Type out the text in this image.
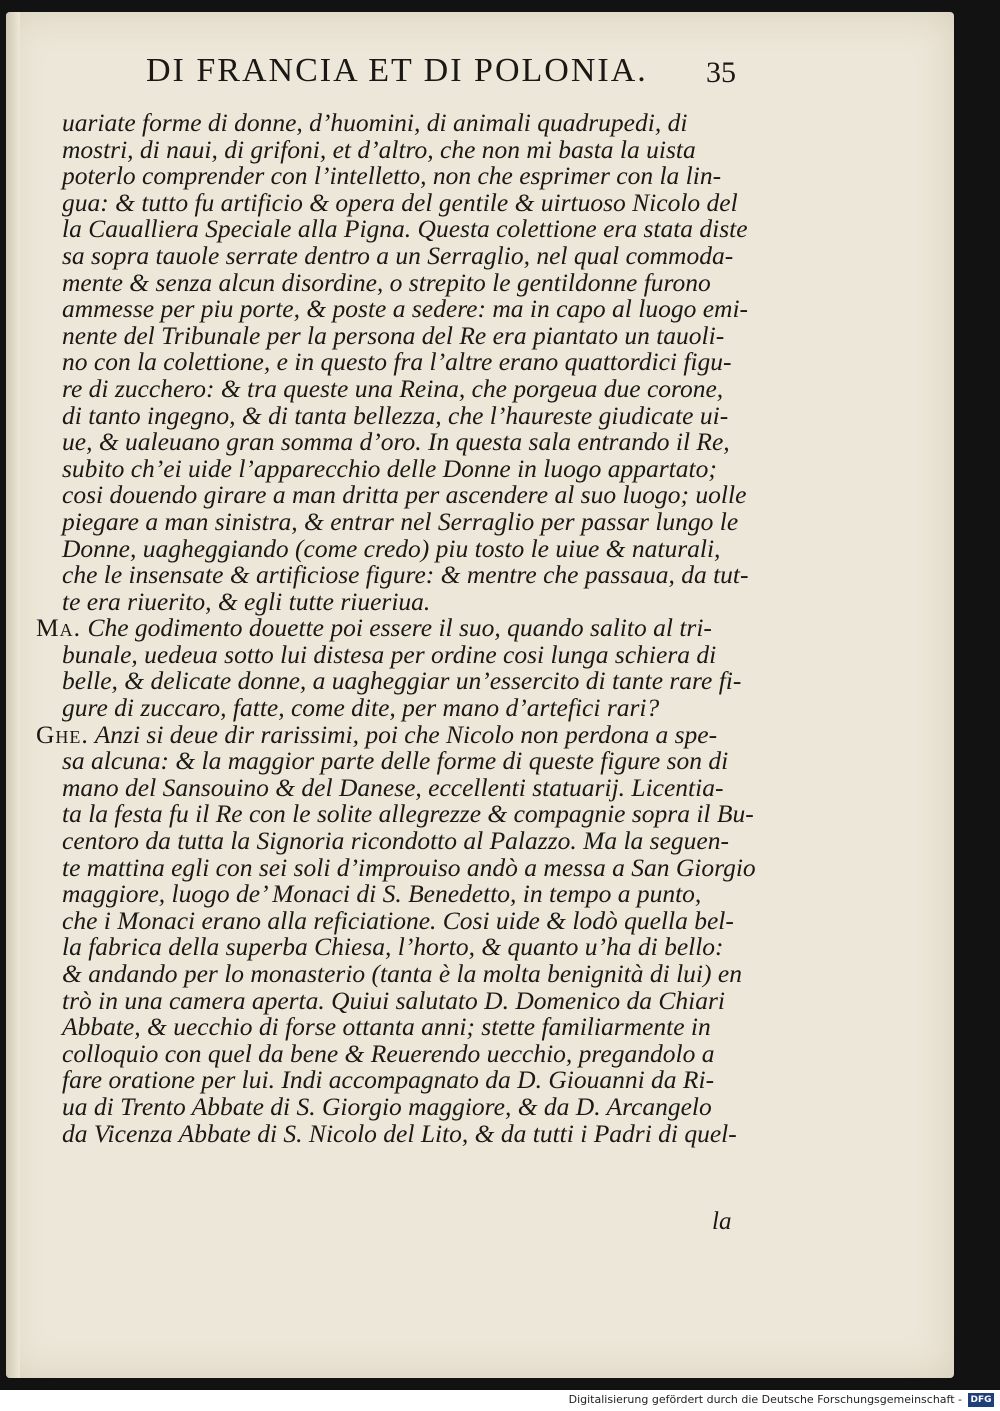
DI FRANCIA ET DI POLONIA. 35
uariate forme di donne, d’huomini, di animali quadrupedi, di
mostri, di naui, di grifoni, et d’altro, che non mi basta la uista
poterlo comprender con l’intelletto, non che esprimer con la lin-
gua: & tutto fu artificio & opera del gentile & uirtuoso Nicolo del
la Caualliera Speciale alla Pigna. Questa colettione era stata diste
sa sopra tauole serrate dentro a un Serraglio, nel qual commoda-
mente & senza alcun disordine, o strepito le gentildonne furono
ammesse per piu porte, & poste a sedere: ma in capo al luogo emi-
nente del Tribunale per la persona del Re era piantato un tauoli-
no con la colettione, e in questo fra l’altre erano quattordici figu-
re di zucchero: & tra queste una Reina, che porgeua due corone,
di tanto ingegno, & di tanta bellezza, che l’haureste giudicate ui-
ue, & ualeuano gran somma d’oro. In questa sala entrando il Re,
subito ch’ei uide l’apparecchio delle Donne in luogo appartato;
cosi douendo girare a man dritta per ascendere al suo luogo; uolle
piegare a man sinistra, & entrar nel Serraglio per passar lungo le
Donne, uagheggiando (come credo) piu tosto le uiue & naturali,
che le insensate & artificiose figure: & mentre che passaua, da tut-
te era riuerito, & egli tutte riueriua.
Ma. Che godimento douette poi essere il suo, quando salito al tri-
bunale, uedeua sotto lui distesa per ordine cosi lunga schiera di
belle, & delicate donne, a uagheggiar un’essercito di tante rare fi-
gure di zuccaro, fatte, come dite, per mano d’artefici rari?
Ghe. Anzi si deue dir rarissimi, poi che Nicolo non perdona a spe-
sa alcuna: & la maggior parte delle forme di queste figure son di
mano del Sansouino & del Danese, eccellenti statuarij. Licentia-
ta la festa fu il Re con le solite allegrezze & compagnie sopra il Bu-
centoro da tutta la Signoria ricondotto al Palazzo. Ma la seguen-
te mattina egli con sei soli d’improuiso andò a messa a San Giorgio
maggiore, luogo de’ Monaci di S. Benedetto, in tempo a punto,
che i Monaci erano alla reficiatione. Cosi uide & lodò quella bel-
la fabrica della superba Chiesa, l’horto, & quanto u’ha di bello:
& andando per lo monasterio (tanta è la molta benignità di lui) en
trò in una camera aperta. Quiui salutato D. Domenico da Chiari
Abbate, & uecchio di forse ottanta anni; stette familiarmente in
colloquio con quel da bene & Reuerendo uecchio, pregandolo a
fare oratione per lui. Indi accompagnato da D. Giouanni da Ri-
ua di Trento Abbate di S. Giorgio maggiore, & da D. Arcangelo
da Vicenza Abbate di S. Nicolo del Lito, & da tutti i Padri di quel-
la
Digitalisierung gefördert durch die Deutsche Forschungsgemeinschaft - DFG
